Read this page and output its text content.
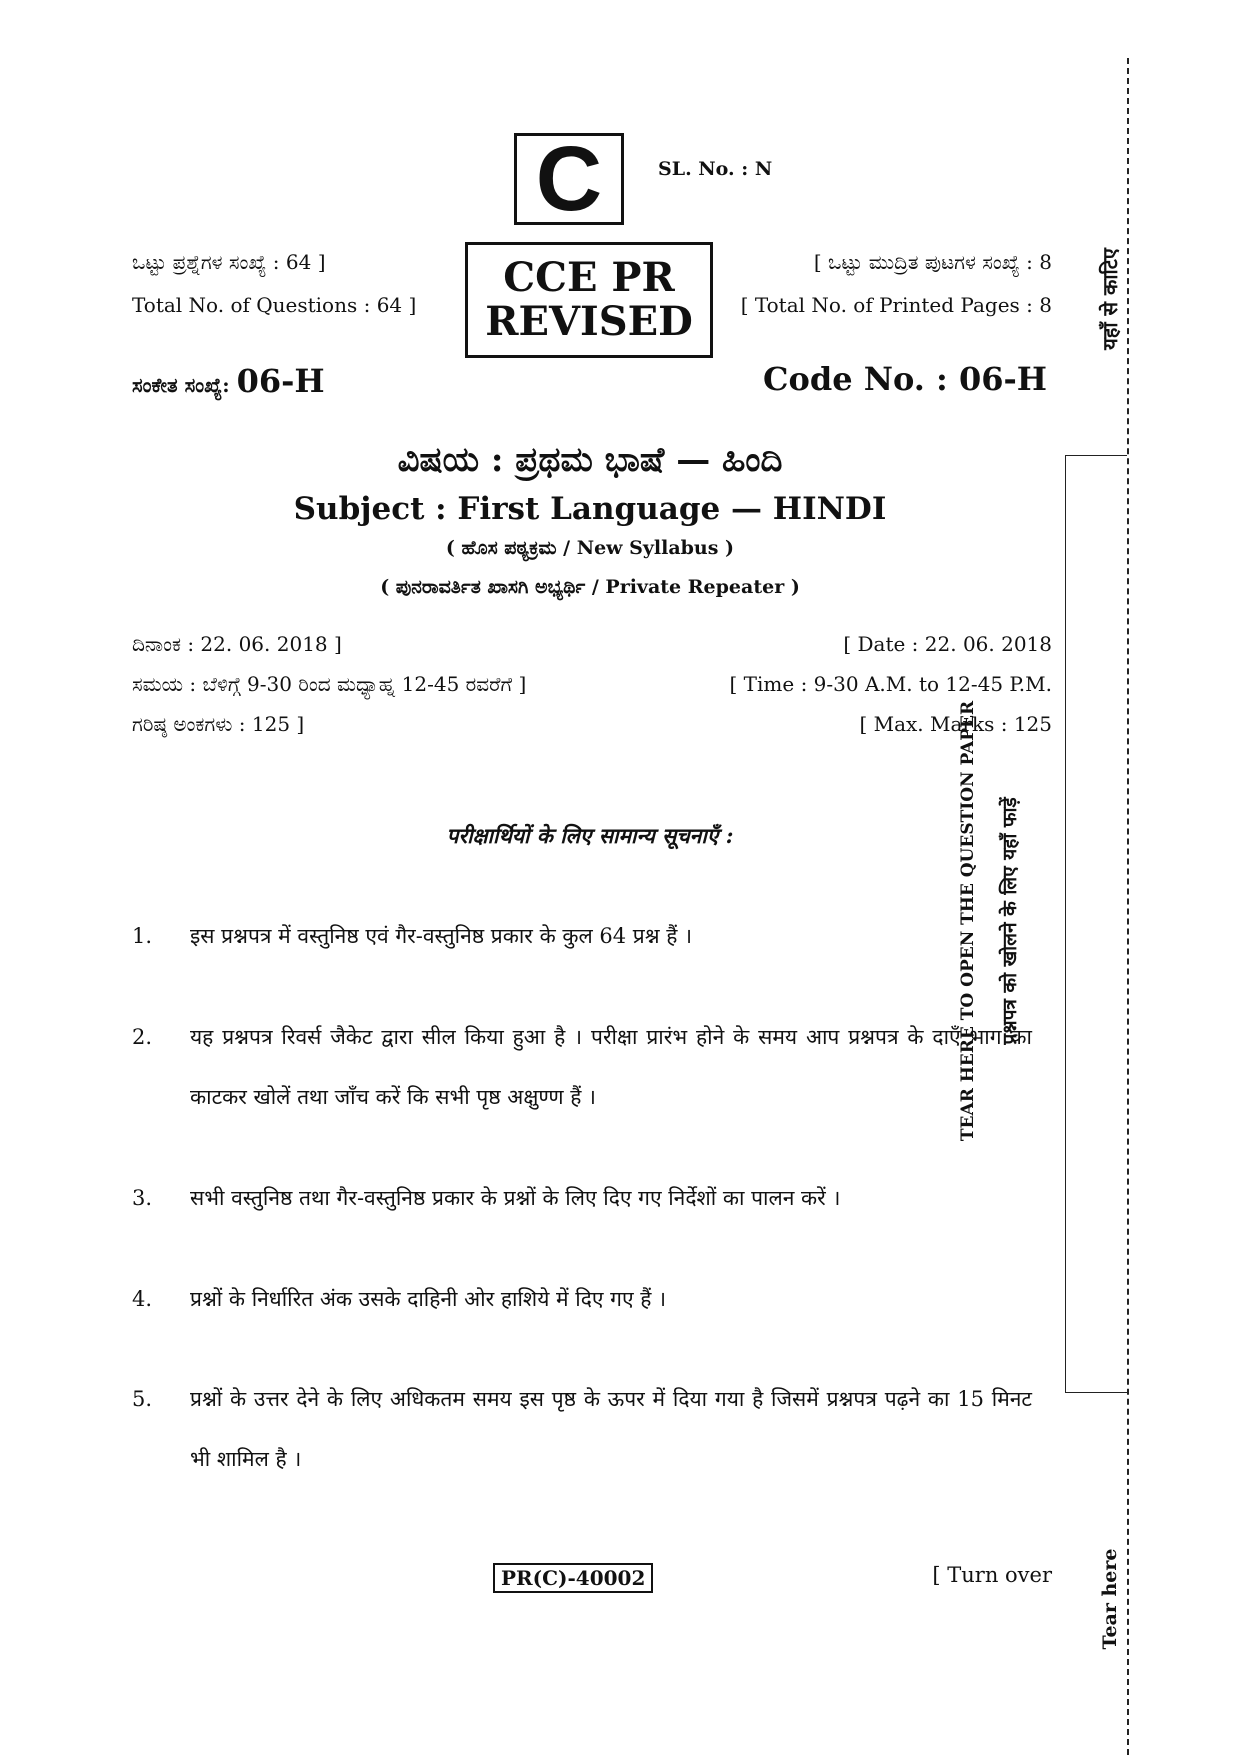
C	SL. No. : N
ಒಟ್ಟು ಪ್ರಶ್ನೆಗಳ ಸಂಖ್ಯೆ : 64 ]
Total No. of Questions : 64 ]
CCE PR
REVISED
[ ಒಟ್ಟು ಮುದ್ರಿತ ಪುಟಗಳ ಸಂಖ್ಯೆ : 8
[ Total No. of Printed Pages : 8
ಸಂಕೇತ ಸಂಖ್ಯೆ: 06-H	Code No. : 06-H
ವಿಷಯ : ಪ್ರಥಮ ಭಾಷೆ — ಹಿಂದಿ
Subject : First Language — HINDI
( ಹೊಸ ಪಠ್ಯಕ್ರಮ / New Syllabus )
( ಪುನರಾವರ್ತಿತ ಖಾಸಗಿ ಅಭ್ಯರ್ಥಿ / Private Repeater )
ದಿನಾಂಕ : 22. 06. 2018 ]
ಸಮಯ : ಬೆಳಿಗ್ಗೆ 9-30 ರಿಂದ ಮಧ್ಯಾಹ್ನ 12-45 ರವರೆಗೆ ]
ಗರಿಷ್ಠ ಅಂಕಗಳು : 125 ]
[ Date : 22. 06. 2018
[ Time : 9-30 A.M. to 12-45 P.M.
[ Max. Marks : 125
परीक्षार्थियों के लिए सामान्य सूचनाएँ :
1.	इस प्रश्नपत्र में वस्तुनिष्ठ एवं गैर-वस्तुनिष्ठ प्रकार के कुल 64 प्रश्न हैं ।
2.	यह प्रश्नपत्र रिवर्स जैकेट द्वारा सील किया हुआ है । परीक्षा प्रारंभ होने के समय आप प्रश्नपत्र के दाएँ भाग का काटकर खोलें तथा जाँच करें कि सभी पृष्ठ अक्षुण्ण हैं ।
3.	सभी वस्तुनिष्ठ तथा गैर-वस्तुनिष्ठ प्रकार के प्रश्नों के लिए दिए गए निर्देशों का पालन करें ।
4.	प्रश्नों के निर्धारित अंक उसके दाहिनी ओर हाशिये में दिए गए हैं ।
5.	प्रश्नों के उत्तर देने के लिए अधिकतम समय इस पृष्ठ के ऊपर में दिया गया है जिसमें प्रश्नपत्र पढ़ने का 15 मिनट भी शामिल है ।
PR(C)-40002	[ Turn over
यहाँ से काटिए
TEAR HERE TO OPEN THE QUESTION PAPER प्रश्नपत्र को खोलने के लिए यहाँ फाड़ें
Tear here
